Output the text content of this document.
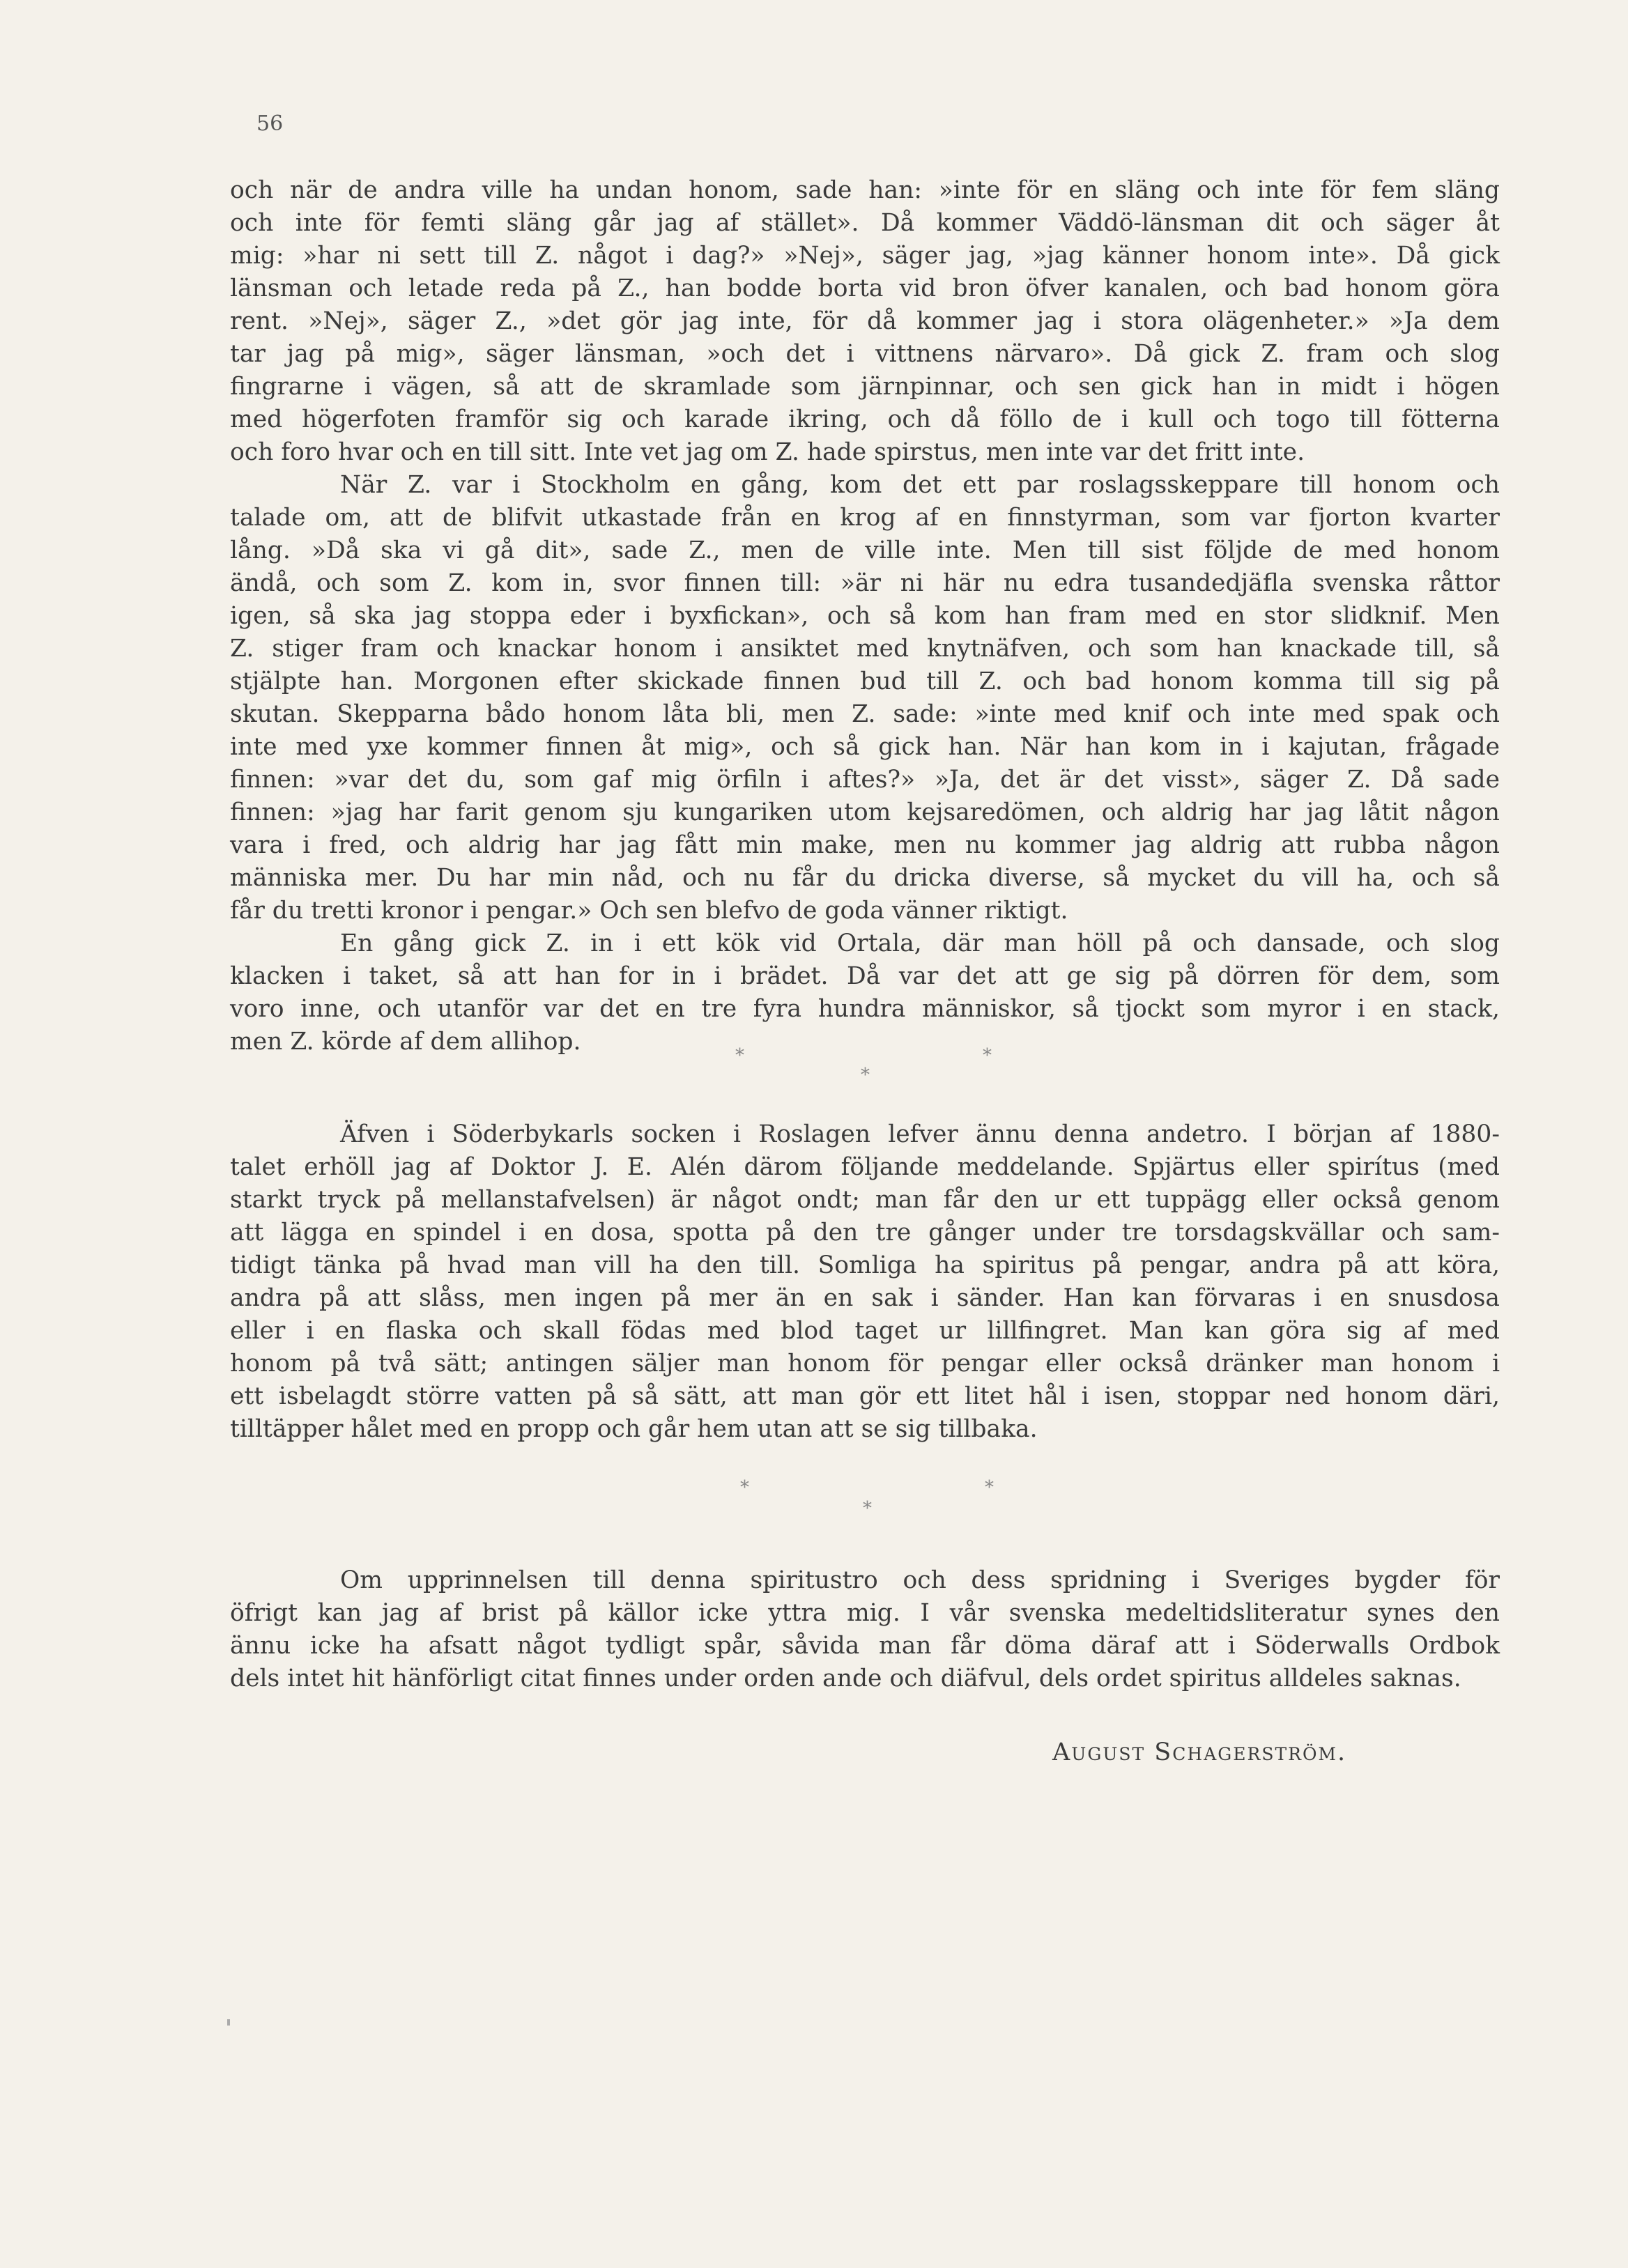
56
och när de andra ville ha undan honom, sade han: »inte för en släng och inte för fem släng
och inte för femti släng går jag af stället». Då kommer Väddö-länsman dit och säger åt
mig: »har ni sett till Z. något i dag?» »Nej», säger jag, »jag känner honom inte». Då gick
länsman och letade reda på Z., han bodde borta vid bron öfver kanalen, och bad honom göra
rent. »Nej», säger Z., »det gör jag inte, för då kommer jag i stora olägenheter.» »Ja dem
tar jag på mig», säger länsman, »och det i vittnens närvaro». Då gick Z. fram och slog
fingrarne i vägen, så att de skramlade som järnpinnar, och sen gick han in midt i högen
med högerfoten framför sig och karade ikring, och då föllo de i kull och togo till fötterna
och foro hvar och en till sitt. Inte vet jag om Z. hade spirstus, men inte var det fritt inte.
När Z. var i Stockholm en gång, kom det ett par roslagsskeppare till honom och
talade om, att de blifvit utkastade från en krog af en finnstyrman, som var fjorton kvarter
lång. »Då ska vi gå dit», sade Z., men de ville inte. Men till sist följde de med honom
ändå, och som Z. kom in, svor finnen till: »är ni här nu edra tusandedjäfla svenska råttor
igen, så ska jag stoppa eder i byxfickan», och så kom han fram med en stor slidknif. Men
Z. stiger fram och knackar honom i ansiktet med knytnäfven, och som han knackade till, så
stjälpte han. Morgonen efter skickade finnen bud till Z. och bad honom komma till sig på
skutan. Skepparna bådo honom låta bli, men Z. sade: »inte med knif och inte med spak och
inte med yxe kommer finnen åt mig», och så gick han. När han kom in i kajutan, frågade
finnen: »var det du, som gaf mig örfiln i aftes?» »Ja, det är det visst», säger Z. Då sade
finnen: »jag har farit genom sju kungariken utom kejsaredömen, och aldrig har jag låtit någon
vara i fred, och aldrig har jag fått min make, men nu kommer jag aldrig att rubba någon
människa mer. Du har min nåd, och nu får du dricka diverse, så mycket du vill ha, och så
får du tretti kronor i pengar.» Och sen blefvo de goda vänner riktigt.
En gång gick Z. in i ett kök vid Ortala, där man höll på och dansade, och slog
klacken i taket, så att han for in i brädet. Då var det att ge sig på dörren för dem, som
voro inne, och utanför var det en tre fyra hundra människor, så tjockt som myror i en stack,
men Z. körde af dem allihop.	*	*
*
Äfven i Söderbykarls socken i Roslagen lefver ännu denna andetro. I början af 1880-
talet erhöll jag af Doktor J. E. Alén därom följande meddelande. Spjärtus eller spirítus (med
starkt tryck på mellanstafvelsen) är något ondt; man får den ur ett tuppägg eller också genom
att lägga en spindel i en dosa, spotta på den tre gånger under tre torsdagskvällar och sam-
tidigt tänka på hvad man vill ha den till. Somliga ha spiritus på pengar, andra på att köra,
andra på att slåss, men ingen på mer än en sak i sänder. Han kan förvaras i en snusdosa
eller i en flaska och skall födas med blod taget ur lillfingret. Man kan göra sig af med
honom på två sätt; antingen säljer man honom för pengar eller också dränker man honom i
ett isbelagdt större vatten på så sätt, att man gör ett litet hål i isen, stoppar ned honom däri,
tilltäpper hålet med en propp och går hem utan att se sig tillbaka.
*	*
*
Om upprinnelsen till denna spiritustro och dess spridning i Sveriges bygder för
öfrigt kan jag af brist på källor icke yttra mig. I vår svenska medeltidsliteratur synes den
ännu icke ha afsatt något tydligt spår, såvida man får döma däraf att i Söderwalls Ordbok
dels intet hit hänförligt citat finnes under orden ande och diäfvul, dels ordet spiritus alldeles saknas.
August Schagerström.
